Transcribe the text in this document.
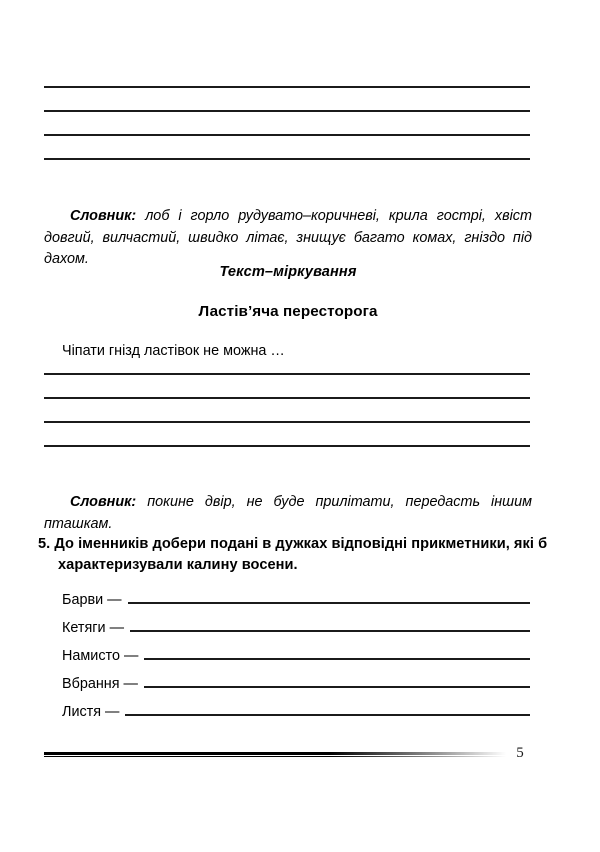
Словник: лоб і горло рудувато–коричневі, крила гострі, хвіст довгий, вилчастий, швидко літає, знищує багато комах, гніздо під дахом.

Текст–міркування
Ластів’яча пересторога
Чіпати гнізд ластівок не можна …

Словник: покине двір, не буде прилітати, передасть іншим пташкам.

5. До іменників добери подані в дужках відповідні прикметники, які б характеризували калину восени.
Барви —
Кетяги —
Намисто —
Вбрання —
Листя —
5
